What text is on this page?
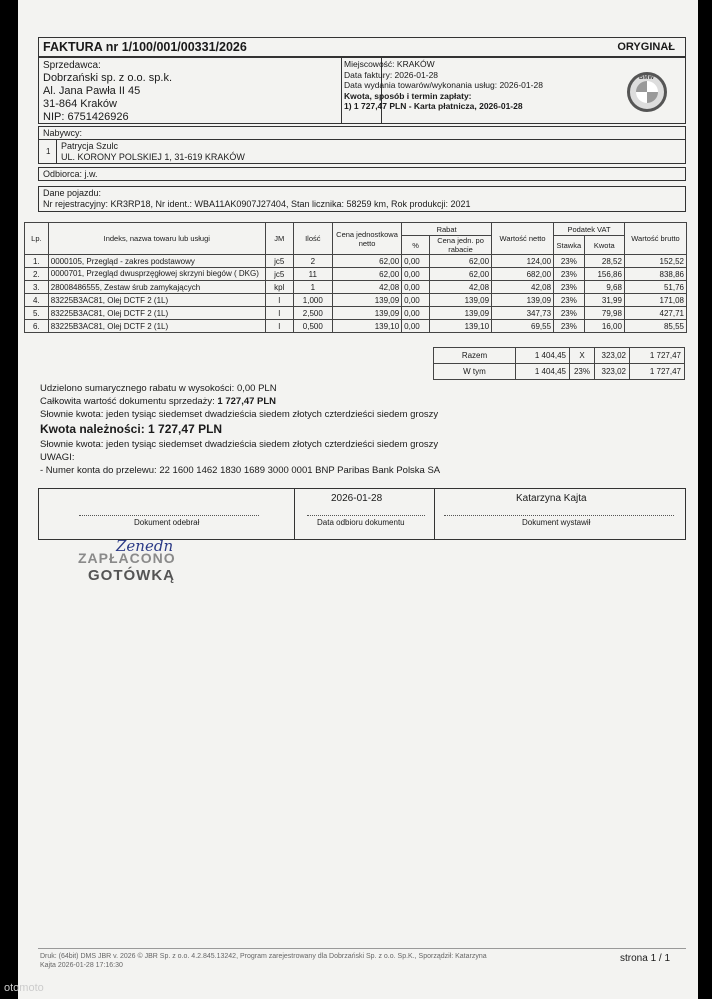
FAKTURA nr 1/100/001/00331/2026	ORYGINAŁ
Sprzedawca:
Dobrzański sp. z o.o. sp.k.
Al. Jana Pawła II 45
31-864 Kraków
NIP: 6751426926
Miejscowość: KRAKÓW
Data faktury: 2026-01-28
Data wydania towarów/wykonania usług: 2026-01-28
Kwota, sposób i termin zapłaty:
1) 1 727,47 PLN - Karta płatnicza, 2026-01-28
BMW
Nabywcy:
1
Patrycja Szulc
UL. KORONY POLSKIEJ 1, 31-619 KRAKÓW
Odbiorca: j.w.
Dane pojazdu:
Nr rejestracyjny: KR3RP18, Nr ident.: WBA11AK0907J27404, Stan licznika: 58259 km, Rok produkcji: 2021
Lp.	Indeks, nazwa towaru lub usługi	JM	Ilość	Cena jednostkowa netto	Rabat		Wartość netto	Podatek VAT		Wartość brutto
					%	Cena jedn. po rabacie		Stawka	Kwota	
1.	0000105, Przegląd - zakres podstawowy	jc5	2	62,00	0,00	62,00	124,00	23%	28,52	152,52
2.	0000701, Przegląd dwusprzęgłowej skrzyni biegów ( DKG)	jc5	11	62,00	0,00	62,00	682,00	23%	156,86	838,86
3.	28008486555, Zestaw śrub zamykających	kpl	1	42,08	0,00	42,08	42,08	23%	9,68	51,76
4.	83225B3AC81, Olej DCTF 2 (1L)	l	1,000	139,09	0,00	139,09	139,09	23%	31,99	171,08
5.	83225B3AC81, Olej DCTF 2 (1L)	l	2,500	139,09	0,00	139,09	347,73	23%	79,98	427,71
6.	83225B3AC81, Olej DCTF 2 (1L)	l	0,500	139,10	0,00	139,10	69,55	23%	16,00	85,55
Razem	1 404,45	X	323,02	1 727,47
W tym	1 404,45	23%	323,02	1 727,47
Udzielono sumarycznego rabatu w wysokości: 0,00 PLN
Całkowita wartość dokumentu sprzedaży: 1 727,47 PLN
Słownie kwota: jeden tysiąc siedemset dwadzieścia siedem złotych czterdzieści siedem groszy
Kwota należności: 1 727,47 PLN
Słownie kwota: jeden tysiąc siedemset dwadzieścia siedem złotych czterdzieści siedem groszy
UWAGI:
- Numer konta do przelewu: 22 1600 1462 1830 1689 3000 0001 BNP Paribas Bank Polska SA
Dokument odebrał
2026-01-28
Data odbioru dokumentu
Katarzyna Kajta
Dokument wystawił
Zenedn
ZAPŁACONO
GOTÓWKĄ
Druk: (64bit) DMS JBR v. 2026 © JBR Sp. z o.o. 4.2.845.13242, Program zarejestrowany dla Dobrzański Sp. z o.o. Sp.K., Sporządził: Katarzyna
Kajta 2026-01-28 17:16:30
strona 1 / 1
otomoto
